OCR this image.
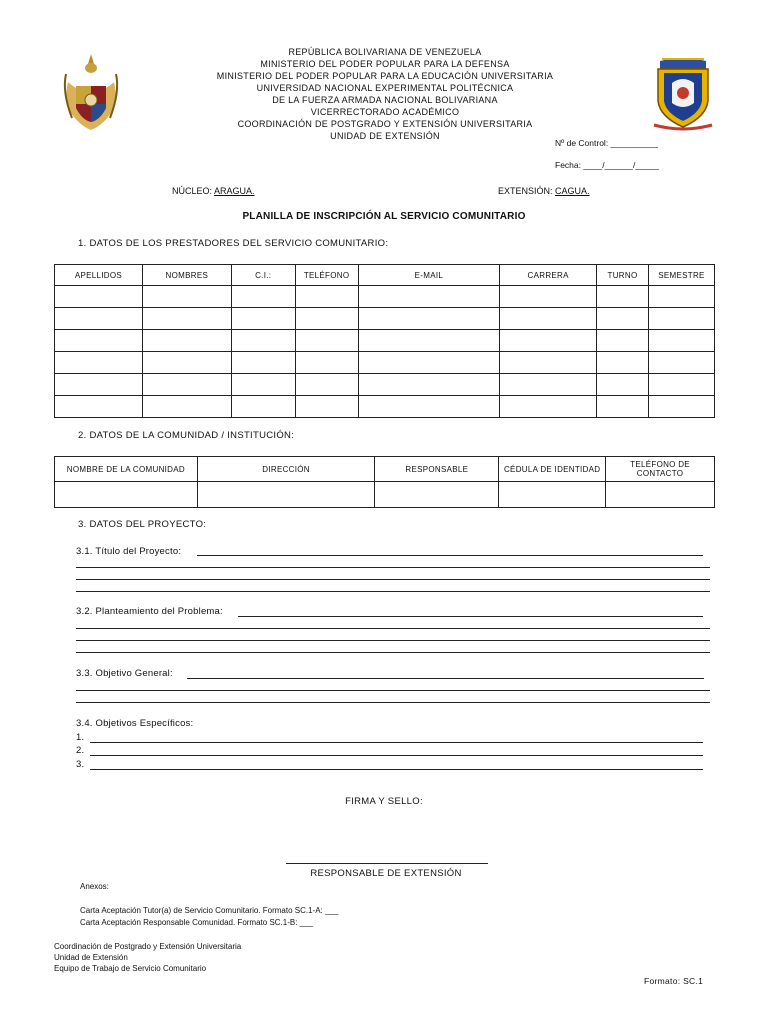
REPÚBLICA BOLIVARIANA DE VENEZUELA
MINISTERIO DEL PODER POPULAR PARA LA DEFENSA
MINISTERIO DEL PODER POPULAR PARA LA EDUCACIÓN UNIVERSITARIA
UNIVERSIDAD NACIONAL EXPERIMENTAL POLITÉCNICA
DE LA FUERZA ARMADA NACIONAL BOLIVARIANA
VICERRECTORADO ACADÉMICO
COORDINACIÓN DE POSTGRADO Y EXTENSIÓN UNIVERSITARIA
UNIDAD DE EXTENSIÓN
Nº de Control: __________
Fecha: ____/______/_____
NÚCLEO: ARAGUA.	EXTENSIÓN: CAGUA.
PLANILLA DE INSCRIPCIÓN AL SERVICIO COMUNITARIO
1. DATOS DE LOS PRESTADORES DEL SERVICIO COMUNITARIO:
APELLIDOS	NOMBRES	C.I.:	TELÉFONO	E-MAIL	CARRERA	TURNO	SEMESTRE

2. DATOS DE LA COMUNIDAD / INSTITUCIÓN:
NOMBRE DE LA COMUNIDAD	DIRECCIÓN	RESPONSABLE	CÉDULA DE IDENTIDAD	TELÉFONO DE CONTACTO

3. DATOS DEL PROYECTO:
3.1. Título del Proyecto:
3.2. Planteamiento del Problema:
3.3. Objetivo General:
3.4. Objetivos Específicos:
1.
2.
3.
FIRMA Y SELLO:
RESPONSABLE DE EXTENSIÓN
Anexos:
Carta Aceptación Tutor(a) de Servicio Comunitario. Formato SC.1-A: ___
Carta Aceptación Responsable Comunidad. Formato SC.1-B: ___
Coordinación de Postgrado y Extensión Universitaria
Unidad de Extensión
Equipo de Trabajo de Servicio Comunitario
Formato: SC.1
